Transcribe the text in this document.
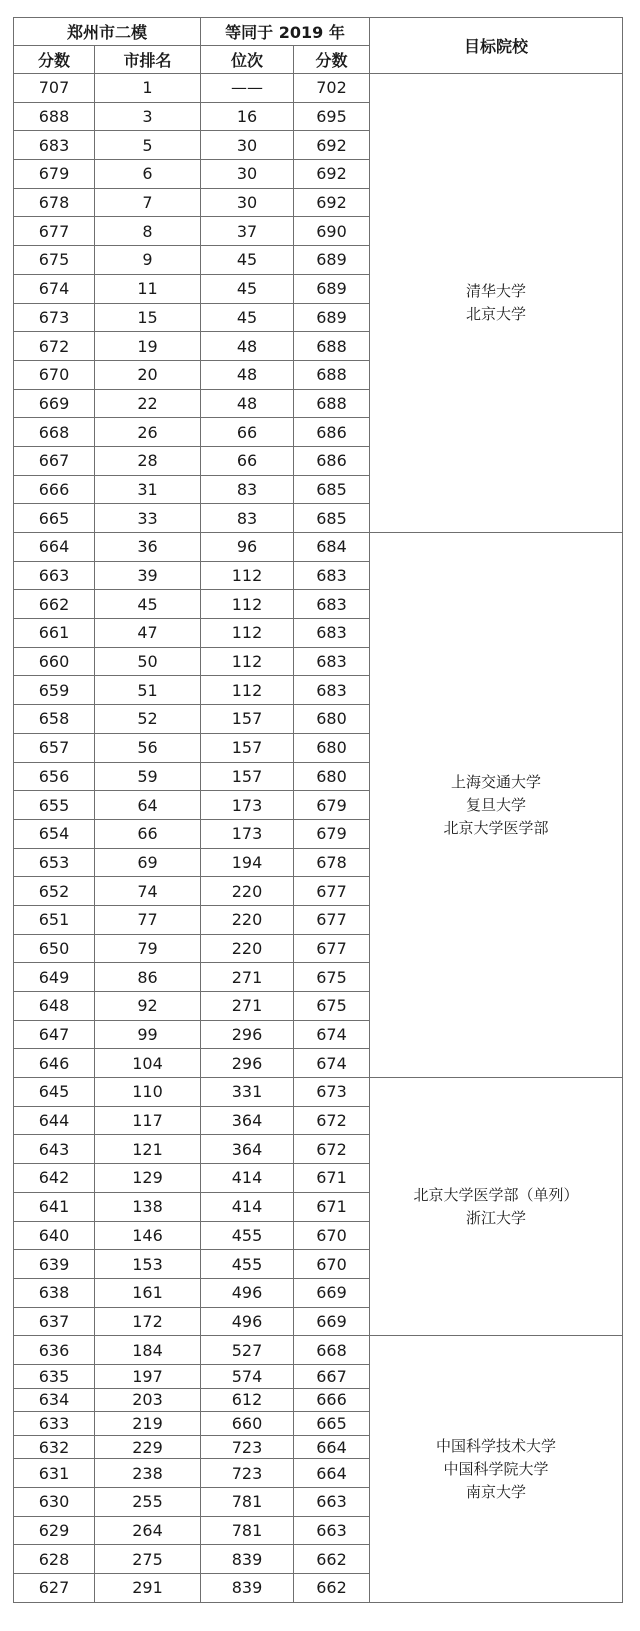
郑州市二模		等同于 2019 年		目标院校
分数	市排名	位次	分数	
707	1	——	702	清华大学
北京大学

688	3	16	695	
683	5	30	692	
679	6	30	692	
678	7	30	692	
677	8	37	690	
675	9	45	689	
674	11	45	689	
673	15	45	689	
672	19	48	688	
670	20	48	688	
669	22	48	688	
668	26	66	686	
667	28	66	686	
666	31	83	685	
665	33	83	685	
664	36	96	684	上海交通大学
复旦大学
北京大学医学部

663	39	112	683	
662	45	112	683	
661	47	112	683	
660	50	112	683	
659	51	112	683	
658	52	157	680	
657	56	157	680	
656	59	157	680	
655	64	173	679	
654	66	173	679	
653	69	194	678	
652	74	220	677	
651	77	220	677	
650	79	220	677	
649	86	271	675	
648	92	271	675	
647	99	296	674	
646	104	296	674	
645	110	331	673	北京大学医学部（单列）
浙江大学

644	117	364	672	
643	121	364	672	
642	129	414	671	
641	138	414	671	
640	146	455	670	
639	153	455	670	
638	161	496	669	
637	172	496	669	
636	184	527	668	中国科学技术大学
中国科学院大学
南京大学

635	197	574	667	
634	203	612	666	
633	219	660	665	
632	229	723	664	
631	238	723	664	
630	255	781	663	
629	264	781	663	
628	275	839	662	
627	291	839	662	
